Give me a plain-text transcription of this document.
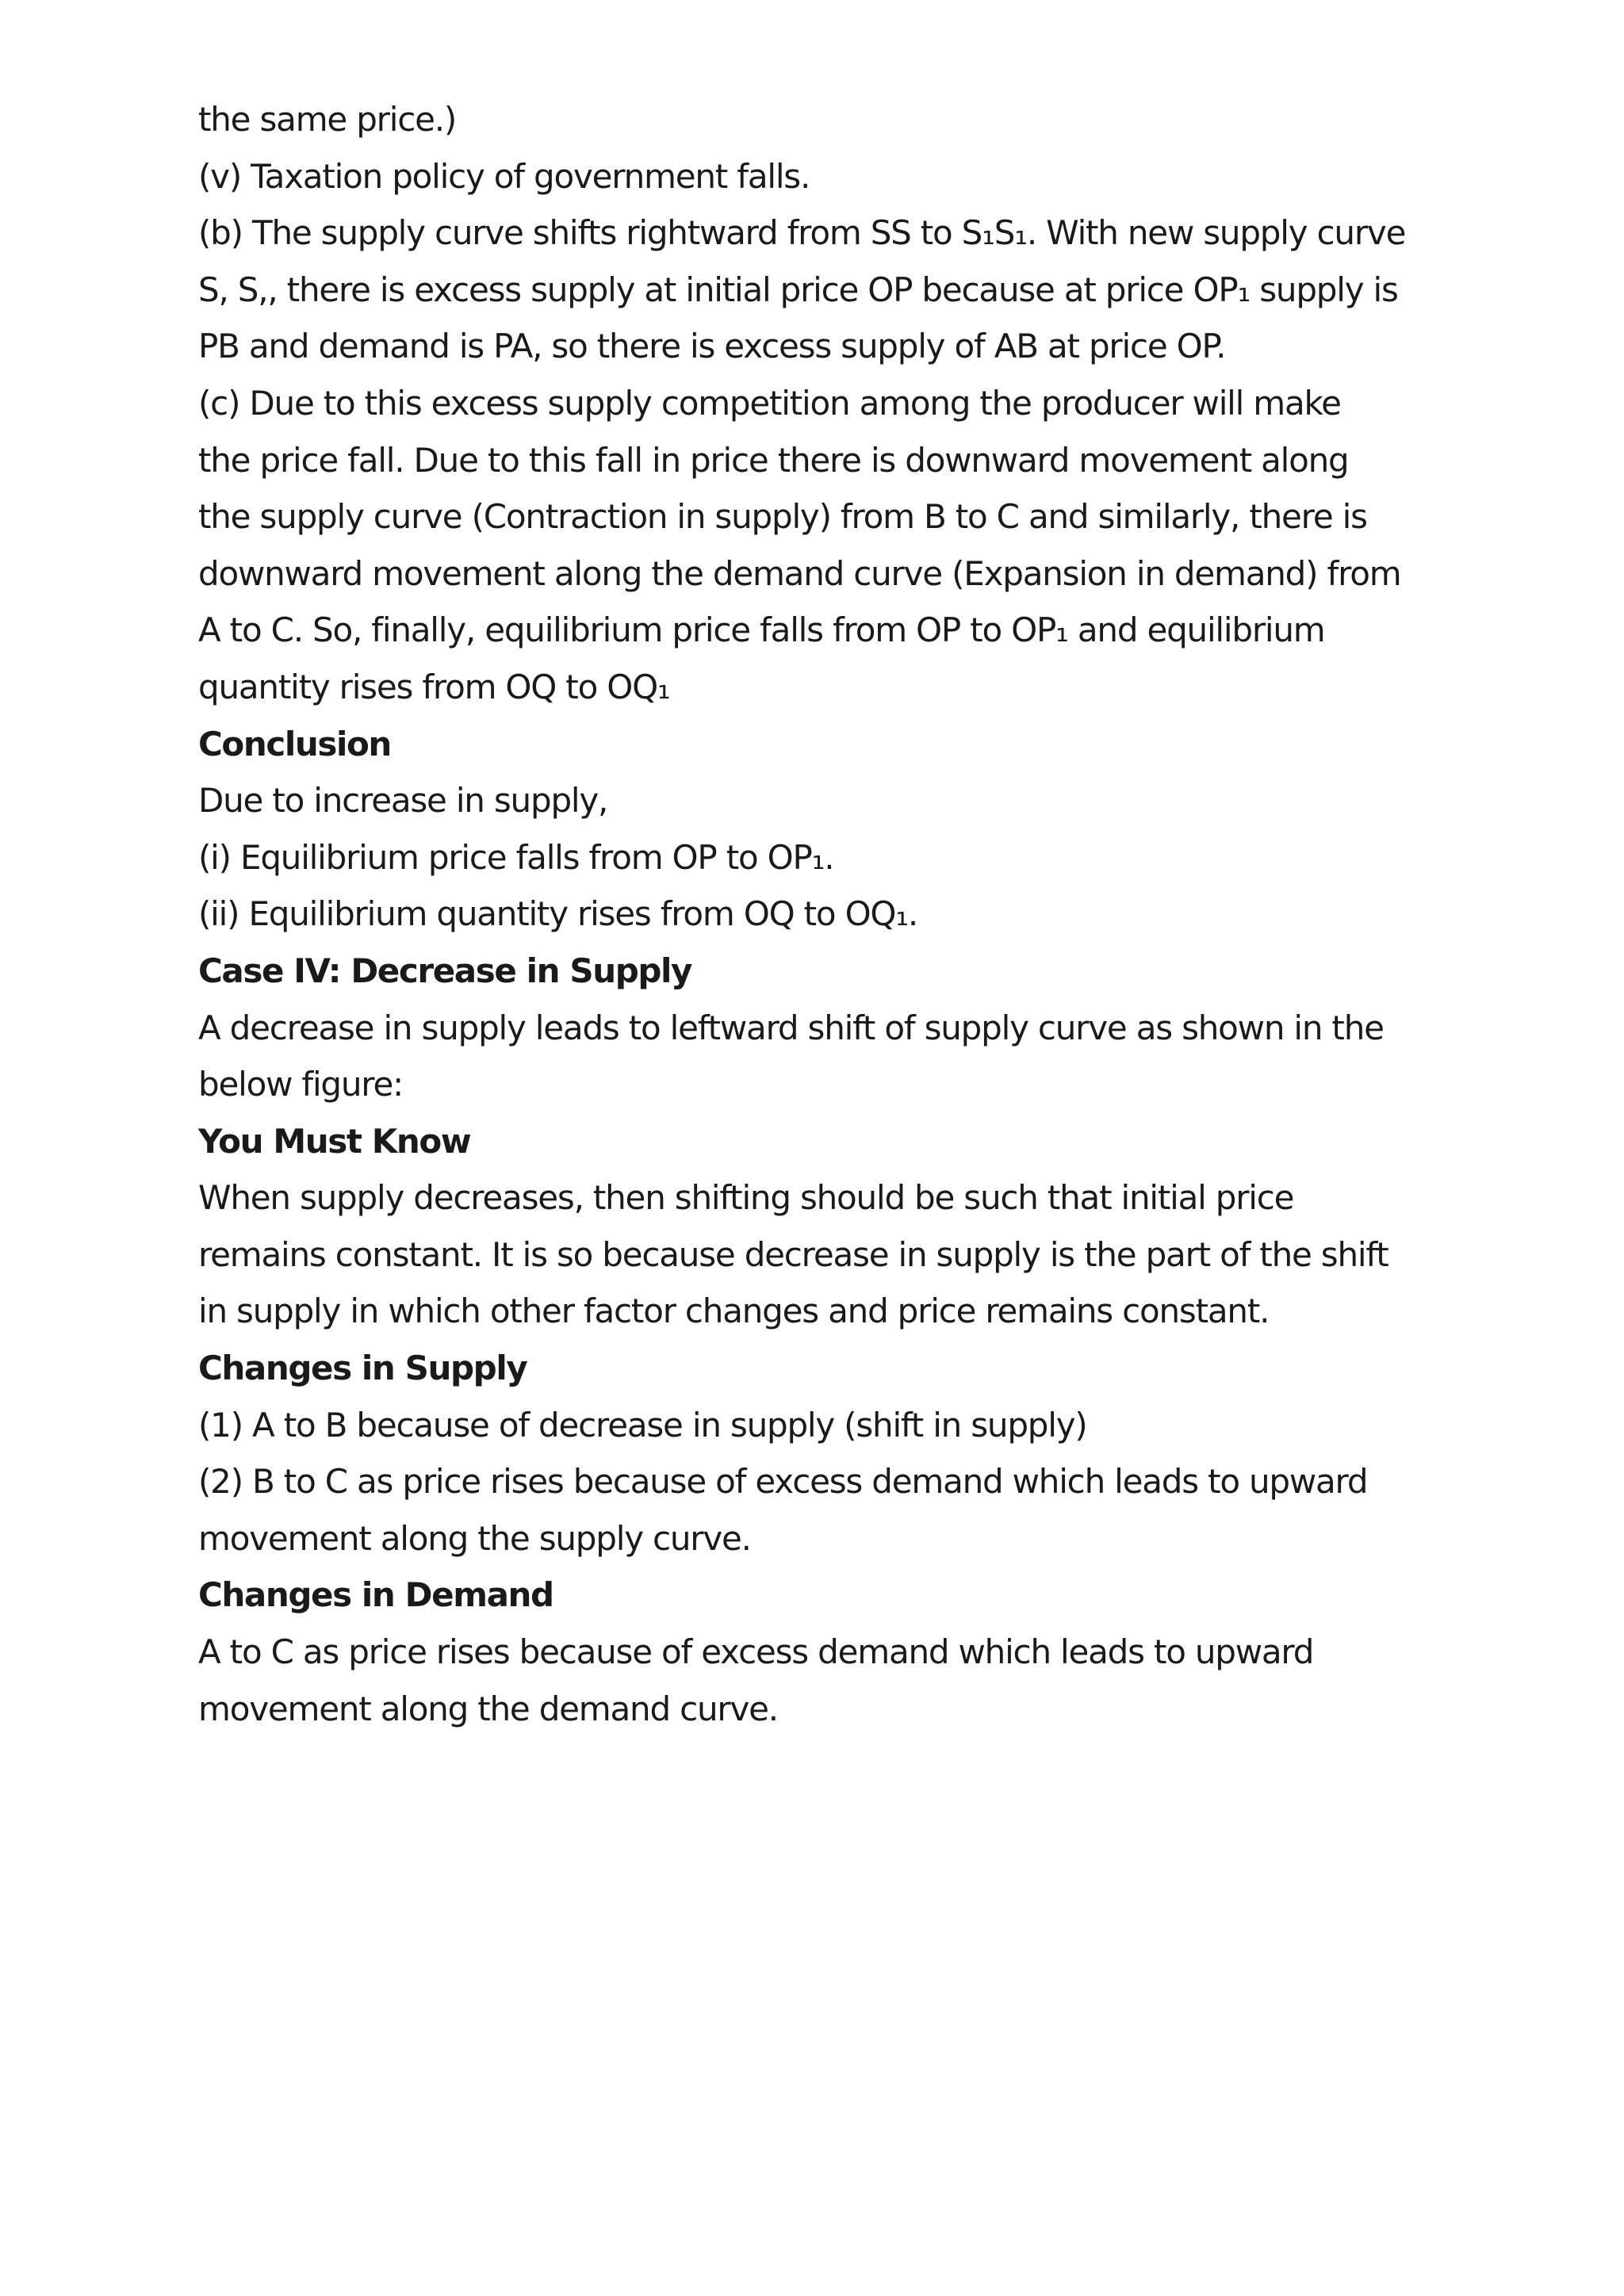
the same price.)

(v) Taxation policy of government falls.

(b) The supply curve shifts rightward from SS to S₁S₁. With new supply curve

S, S,, there is excess supply at initial price OP because at price OP₁ supply is

PB and demand is PA, so there is excess supply of AB at price OP.

(c) Due to this excess supply competition among the producer will make

the price fall. Due to this fall in price there is downward movement along

the supply curve (Contraction in supply) from B to C and similarly, there is

downward movement along the demand curve (Expansion in demand) from

A to C. So, finally, equilibrium price falls from OP to OP₁ and equilibrium

quantity rises from OQ to OQ₁

Conclusion

Due to increase in supply,

(i) Equilibrium price falls from OP to OP₁.

(ii) Equilibrium quantity rises from OQ to OQ₁.

Case IV: Decrease in Supply

A decrease in supply leads to leftward shift of supply curve as shown in the

below figure:

You Must Know

When supply decreases, then shifting should be such that initial price

remains constant. It is so because decrease in supply is the part of the shift

in supply in which other factor changes and price remains constant.

Changes in Supply

(1) A to B because of decrease in supply (shift in supply)

(2) B to C as price rises because of excess demand which leads to upward

movement along the supply curve.

Changes in Demand

A to C as price rises because of excess demand which leads to upward

movement along the demand curve.
